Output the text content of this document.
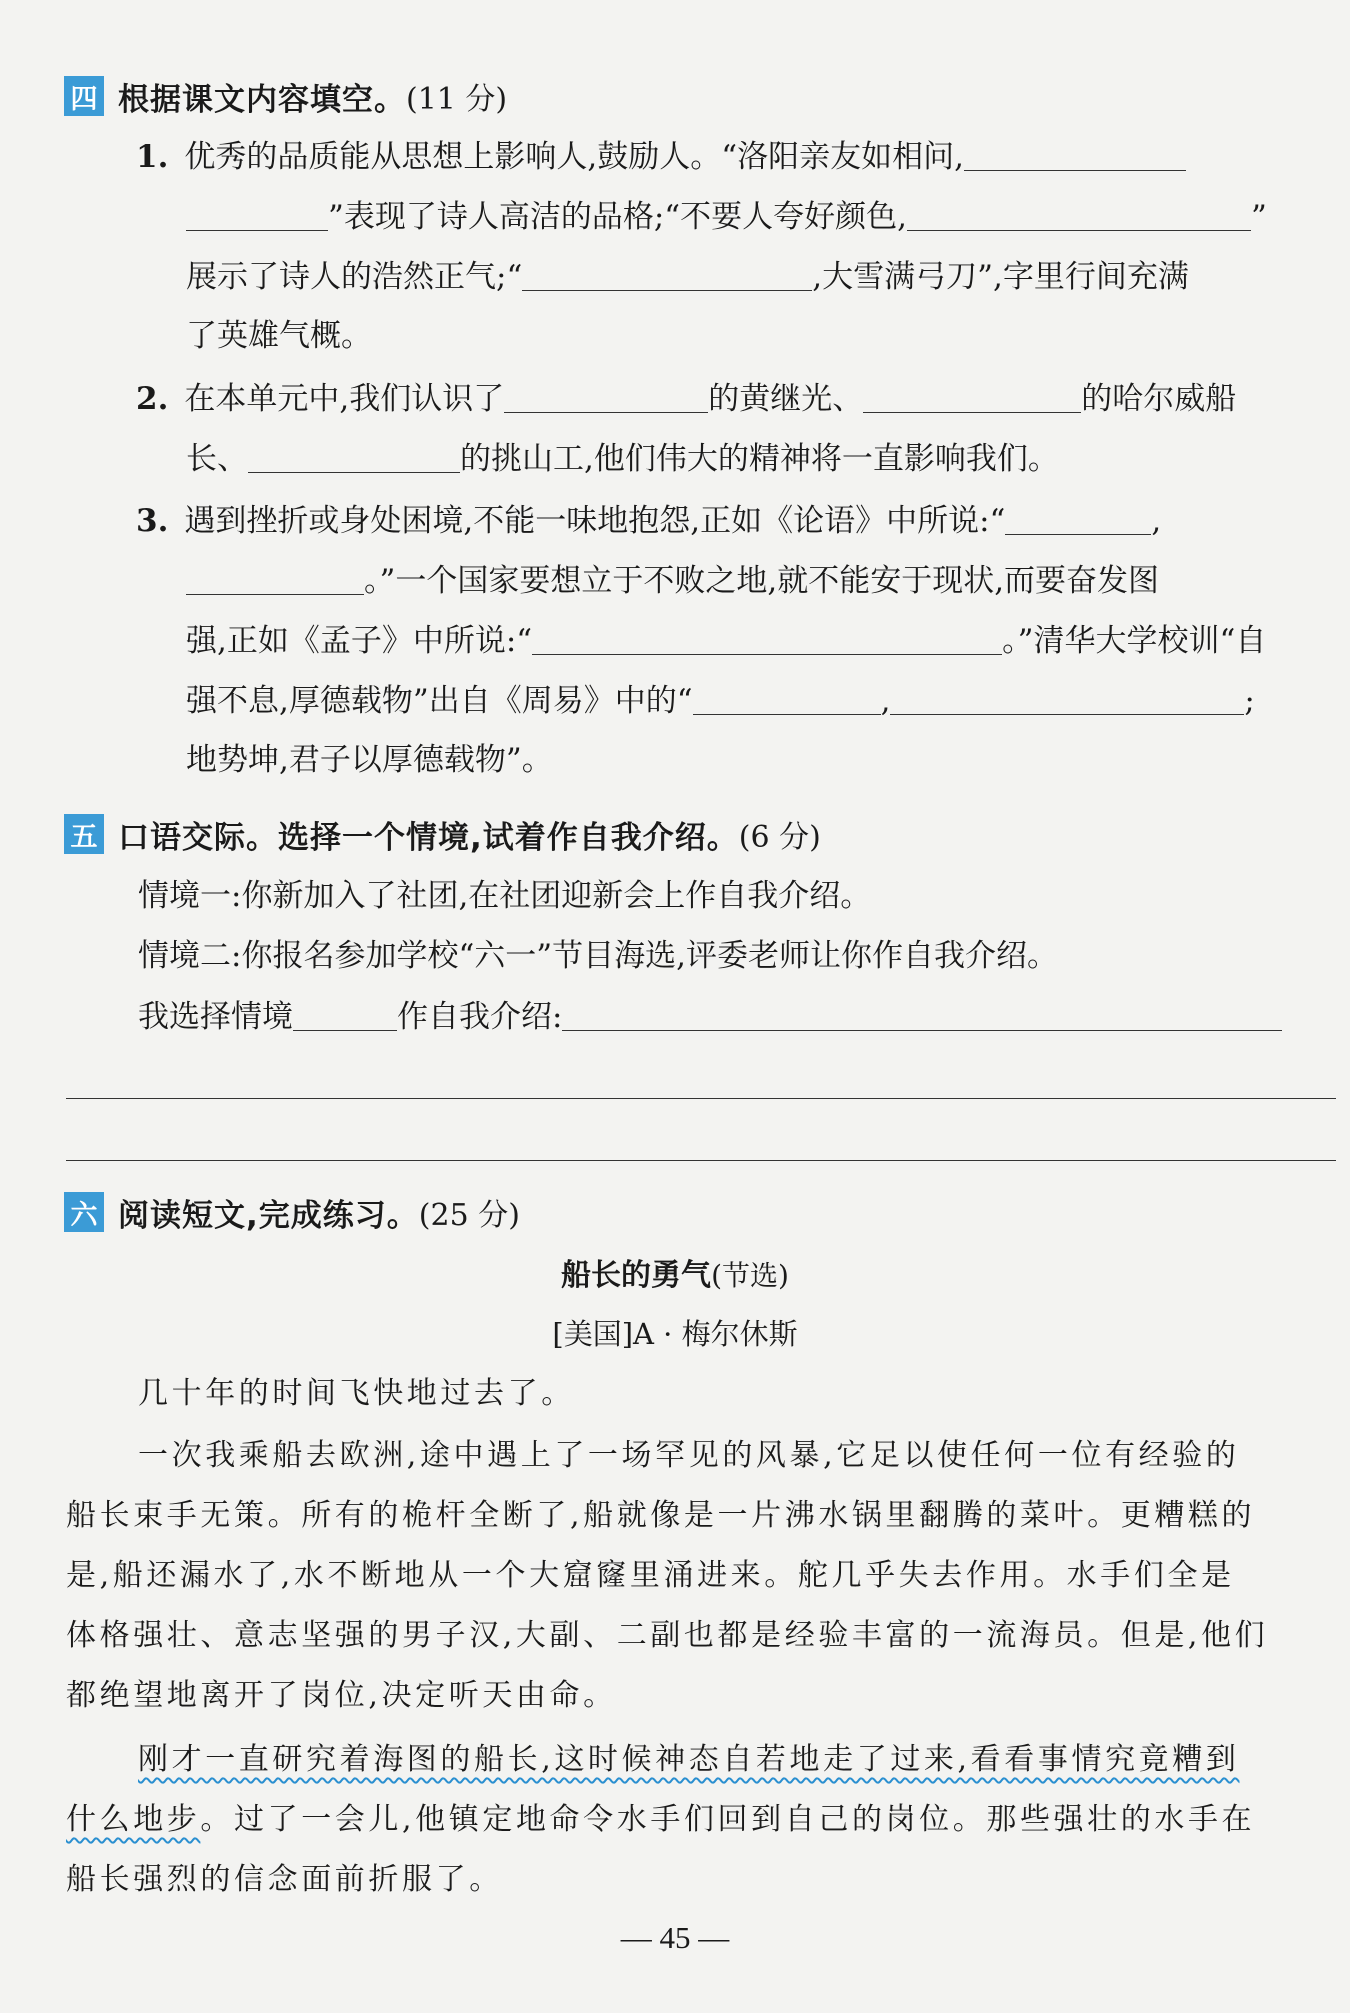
四 根据课文内容填空。 (11 分)
1. 优秀的品质能从思想上影响人,鼓励人。“洛阳亲友如相问,
”表现了诗人高洁的品格;“不要人夸好颜色,	”
展示了诗人的浩然正气;“	,大雪满弓刀”,字里行间充满
了英雄气概。
2. 在本单元中,我们认识了	的黄继光、	的哈尔威船
长、	的挑山工,他们伟大的精神将一直影响我们。
3. 遇到挫折或身处困境,不能一味地抱怨,正如《论语》中所说:“	,
。”一个国家要想立于不败之地,就不能安于现状,而要奋发图
强,正如《孟子》中所说:“	。”清华大学校训“自
强不息,厚德载物”出自《周易》中的“	,	;
地势坤,君子以厚德载物”。
五 口语交际。选择一个情境,试着作自我介绍。 (6 分)
情境一:你新加入了社团,在社团迎新会上作自我介绍。
情境二:你报名参加学校“六一”节目海选,评委老师让你作自我介绍。
我选择情境	作自我介绍:
六 阅读短文,完成练习。 (25 分)
船长的勇气(节选)
[美国]A · 梅尔休斯
几十年的时间飞快地过去了。
一次我乘船去欧洲,途中遇上了一场罕见的风暴,它足以使任何一位有经验的
船长束手无策。所有的桅杆全断了,船就像是一片沸水锅里翻腾的菜叶。更糟糕的
是,船还漏水了,水不断地从一个大窟窿里涌进来。舵几乎失去作用。水手们全是
体格强壮、意志坚强的男子汉,大副、二副也都是经验丰富的一流海员。但是,他们
都绝望地离开了岗位,决定听天由命。
刚才一直研究着海图的船长,这时候神态自若地走了过来,看看事情究竟糟到
什么地步。过了一会儿,他镇定地命令水手们回到自己的岗位。那些强壮的水手在
船长强烈的信念面前折服了。
— 45 —
